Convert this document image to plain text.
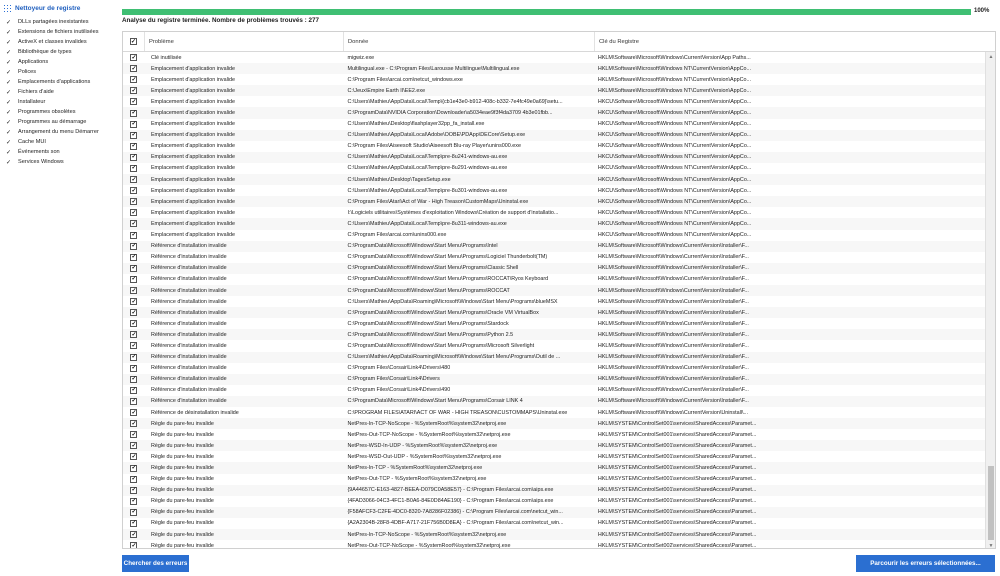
Nettoyeur de registre
✓	DLLs partagées inexistantes
✓	Extensions de fichiers inutilisées
✓	ActiveX et classes invalides
✓	Bibliothèque de types
✓	Applications
✓	Polices
✓	Emplacements d'applications
✓	Fichiers d'aide
✓	Installateur
✓	Programmes obsolètes
✓	Programmes au démarrage
✓	Arrangement du menu Démarrer
✓	Cache MUI
✓	Événements son
✓	Services Windows
100%
Analyse du registre terminée. Nombre de problèmes trouvés : 277
✓	Problème	Donnée	Clé du Registre
✓	Clé inutilisée	migwiz.exe	HKLM\Software\Microsoft\Windows\CurrentVersion\App Paths...
✓	Emplacement d'application invalide	Multilingual.exe - C:\Program Files\Larousse Multilingue\Multilingual.exe	HKLM\Software\Microsoft\Windows NT\CurrentVersion\AppCo...
✓	Emplacement d'application invalide	C:\Program Files\arcai.com\netcut_windows.exe	HKLM\Software\Microsoft\Windows NT\CurrentVersion\AppCo...
✓	Emplacement d'application invalide	C:\Jeux\Empire Earth II\EE2.exe	HKLM\Software\Microsoft\Windows NT\CurrentVersion\AppCo...
✓	Emplacement d'application invalide	C:\Users\Mathieu\AppData\Local\Temp\{cb1e43e0-b912-408c-b332-7e4fc49e0a69}\setu...	HKCU\Software\Microsoft\Windows NT\CurrentVersion\AppCo...
✓	Emplacement d'application invalide	C:\ProgramData\NVIDIA Corporation\Downloader\a5034eae9f3f4da3709 4b3e01fbb...	HKCU\Software\Microsoft\Windows NT\CurrentVersion\AppCo...
✓	Emplacement d'application invalide	C:\Users\Mathieu\Desktop\flashplayer32pp_fa_install.exe	HKCU\Software\Microsoft\Windows NT\CurrentVersion\AppCo...
✓	Emplacement d'application invalide	C:\Users\Mathieu\AppData\Local\Adobe\OOBE\PDApp\DECore\Setup.exe	HKCU\Software\Microsoft\Windows NT\CurrentVersion\AppCo...
✓	Emplacement d'application invalide	C:\Program Files\Aiseesoft Studio\Aiseesoft Blu-ray Player\unins000.exe	HKCU\Software\Microsoft\Windows NT\CurrentVersion\AppCo...
✓	Emplacement d'application invalide	C:\Users\Mathieu\AppData\Local\Temp\pre-8u241-windows-au.exe	HKCU\Software\Microsoft\Windows NT\CurrentVersion\AppCo...
✓	Emplacement d'application invalide	C:\Users\Mathieu\AppData\Local\Temp\pre-8u291-windows-au.exe	HKCU\Software\Microsoft\Windows NT\CurrentVersion\AppCo...
✓	Emplacement d'application invalide	C:\Users\Mathieu\Desktop\TagesSetup.exe	HKCU\Software\Microsoft\Windows NT\CurrentVersion\AppCo...
✓	Emplacement d'application invalide	C:\Users\Mathieu\AppData\Local\Temp\pre-8u301-windows-au.exe	HKCU\Software\Microsoft\Windows NT\CurrentVersion\AppCo...
✓	Emplacement d'application invalide	C:\Program Files\Atari\Act of War - High Treason\CustomMaps\Uninstal.exe	HKCU\Software\Microsoft\Windows NT\CurrentVersion\AppCo...
✓	Emplacement d'application invalide	I:\Logiciels utilitaires\Systèmes d'exploitation Windows\Création de support d'installatio...	HKCU\Software\Microsoft\Windows NT\CurrentVersion\AppCo...
✓	Emplacement d'application invalide	C:\Users\Mathieu\AppData\Local\Temp\pre-8u311-windows-au.exe	HKCU\Software\Microsoft\Windows NT\CurrentVersion\AppCo...
✓	Emplacement d'application invalide	C:\Program Files\arcai.com\unins000.exe	HKCU\Software\Microsoft\Windows NT\CurrentVersion\AppCo...
✓	Référence d'installation invalide	C:\ProgramData\Microsoft\Windows\Start Menu\Programs\Intel	HKLM\Software\Microsoft\Windows\CurrentVersion\Installer\F...
✓	Référence d'installation invalide	C:\ProgramData\Microsoft\Windows\Start Menu\Programs\Logiciel Thunderbolt(TM)	HKLM\Software\Microsoft\Windows\CurrentVersion\Installer\F...
✓	Référence d'installation invalide	C:\ProgramData\Microsoft\Windows\Start Menu\Programs\Classic Shell	HKLM\Software\Microsoft\Windows\CurrentVersion\Installer\F...
✓	Référence d'installation invalide	C:\ProgramData\Microsoft\Windows\Start Menu\Programs\ROCCAT\Ryos Keyboard	HKLM\Software\Microsoft\Windows\CurrentVersion\Installer\F...
✓	Référence d'installation invalide	C:\ProgramData\Microsoft\Windows\Start Menu\Programs\ROCCAT	HKLM\Software\Microsoft\Windows\CurrentVersion\Installer\F...
✓	Référence d'installation invalide	C:\Users\Mathieu\AppData\Roaming\Microsoft\Windows\Start Menu\Programs\blueMSX	HKLM\Software\Microsoft\Windows\CurrentVersion\Installer\F...
✓	Référence d'installation invalide	C:\ProgramData\Microsoft\Windows\Start Menu\Programs\Oracle VM VirtualBox	HKLM\Software\Microsoft\Windows\CurrentVersion\Installer\F...
✓	Référence d'installation invalide	C:\ProgramData\Microsoft\Windows\Start Menu\Programs\Stardock	HKLM\Software\Microsoft\Windows\CurrentVersion\Installer\F...
✓	Référence d'installation invalide	C:\ProgramData\Microsoft\Windows\Start Menu\Programs\Python 2.5	HKLM\Software\Microsoft\Windows\CurrentVersion\Installer\F...
✓	Référence d'installation invalide	C:\ProgramData\Microsoft\Windows\Start Menu\Programs\Microsoft Silverlight	HKLM\Software\Microsoft\Windows\CurrentVersion\Installer\F...
✓	Référence d'installation invalide	C:\Users\Mathieu\AppData\Roaming\Microsoft\Windows\Start Menu\Programs\Outil de ...	HKLM\Software\Microsoft\Windows\CurrentVersion\Installer\F...
✓	Référence d'installation invalide	C:\Program Files\Corsair\Link4\Drivers\480	HKLM\Software\Microsoft\Windows\CurrentVersion\Installer\F...
✓	Référence d'installation invalide	C:\Program Files\Corsair\Link4\Drivers	HKLM\Software\Microsoft\Windows\CurrentVersion\Installer\F...
✓	Référence d'installation invalide	C:\Program Files\Corsair\Link4\Drivers\490	HKLM\Software\Microsoft\Windows\CurrentVersion\Installer\F...
✓	Référence d'installation invalide	C:\ProgramData\Microsoft\Windows\Start Menu\Programs\Corsair LINK 4	HKLM\Software\Microsoft\Windows\CurrentVersion\Installer\F...
✓	Référence de désinstallation invalide	C:\PROGRAM FILES\ATARI\ACT OF WAR - HIGH TREASON\CUSTOMMAPS\Uninstal.exe	HKLM\Software\Microsoft\Windows\CurrentVersion\Uninstall\...
✓	Règle du pare-feu invalide	NetPres-In-TCP-NoScope - %SystemRoot%\system32\netproj.exe	HKLM\SYSTEM\ControlSet001\services\SharedAccess\Paramet...
✓	Règle du pare-feu invalide	NetPres-Out-TCP-NoScope - %SystemRoot%\system32\netproj.exe	HKLM\SYSTEM\ControlSet001\services\SharedAccess\Paramet...
✓	Règle du pare-feu invalide	NetPres-WSD-In-UDP - %SystemRoot%\system32\netproj.exe	HKLM\SYSTEM\ControlSet001\services\SharedAccess\Paramet...
✓	Règle du pare-feu invalide	NetPres-WSD-Out-UDP - %SystemRoot%\system32\netproj.exe	HKLM\SYSTEM\ControlSet001\services\SharedAccess\Paramet...
✓	Règle du pare-feu invalide	NetPres-In-TCP - %SystemRoot%\system32\netproj.exe	HKLM\SYSTEM\ControlSet001\services\SharedAccess\Paramet...
✓	Règle du pare-feu invalide	NetPres-Out-TCP - %SystemRoot%\system32\netproj.exe	HKLM\SYSTEM\ControlSet001\services\SharedAccess\Paramet...
✓	Règle du pare-feu invalide	{9A44657C-E163-4827-BEEA-D079C0A58E57} - C:\Program Files\arcai.com\aips.exe	HKLM\SYSTEM\ControlSet001\services\SharedAccess\Paramet...
✓	Règle du pare-feu invalide	{4FAD3066-04C3-4FC1-B0A6-84E0D84AE190} - C:\Program Files\arcai.com\aips.exe	HKLM\SYSTEM\ControlSet001\services\SharedAccess\Paramet...
✓	Règle du pare-feu invalide	{F58AFCF3-C2FE-4DC0-8320-7A8286F02386} - C:\Program Files\arcai.com\netcut_win...	HKLM\SYSTEM\ControlSet001\services\SharedAccess\Paramet...
✓	Règle du pare-feu invalide	{A2A2304B-28F8-4DBF-A717-21F756B0D8EA} - C:\Program Files\arcai.com\netcut_win...	HKLM\SYSTEM\ControlSet001\services\SharedAccess\Paramet...
✓	Règle du pare-feu invalide	NetPres-In-TCP-NoScope - %SystemRoot%\system32\netproj.exe	HKLM\SYSTEM\ControlSet002\services\SharedAccess\Paramet...
✓	Règle du pare-feu invalide	NetPres-Out-TCP-NoScope - %SystemRoot%\system32\netproj.exe	HKLM\SYSTEM\ControlSet002\services\SharedAccess\Paramet...
▲
▼
Chercher des erreurs	Parcourir les erreurs sélectionnées...
